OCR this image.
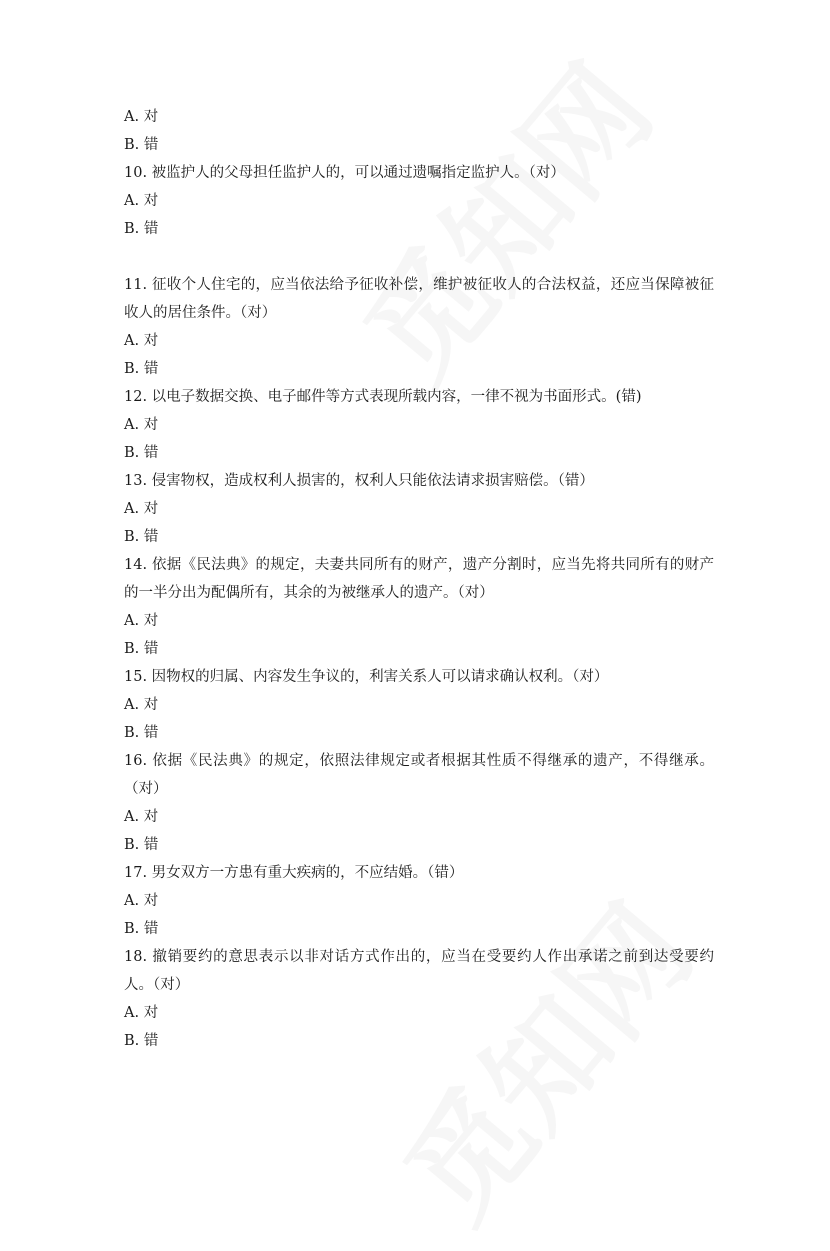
A. 对
B. 错
10. 被监护人的父母担任监护人的，可以通过遗嘱指定监护人。（对）
A. 对
B. 错
11. 征收个人住宅的，应当依法给予征收补偿，维护被征收人的合法权益，还应当保障被征收人的居住条件。（对）
A. 对
B. 错
12. 以电子数据交换、电子邮件等方式表现所载内容，一律不视为书面形式。(错)
A. 对
B. 错
13. 侵害物权，造成权利人损害的，权利人只能依法请求损害赔偿。（错）
A. 对
B. 错
14. 依据《民法典》的规定，夫妻共同所有的财产，遗产分割时，应当先将共同所有的财产的一半分出为配偶所有，其余的为被继承人的遗产。（对）
A. 对
B. 错
15. 因物权的归属、内容发生争议的，利害关系人可以请求确认权利。（对）
A. 对
B. 错
16. 依据《民法典》的规定，依照法律规定或者根据其性质不得继承的遗产，不得继承。（对）
A. 对
B. 错
17. 男女双方一方患有重大疾病的，不应结婚。（错）
A. 对
B. 错
18. 撤销要约的意思表示以非对话方式作出的，应当在受要约人作出承诺之前到达受要约人。（对）
A. 对
B. 错
